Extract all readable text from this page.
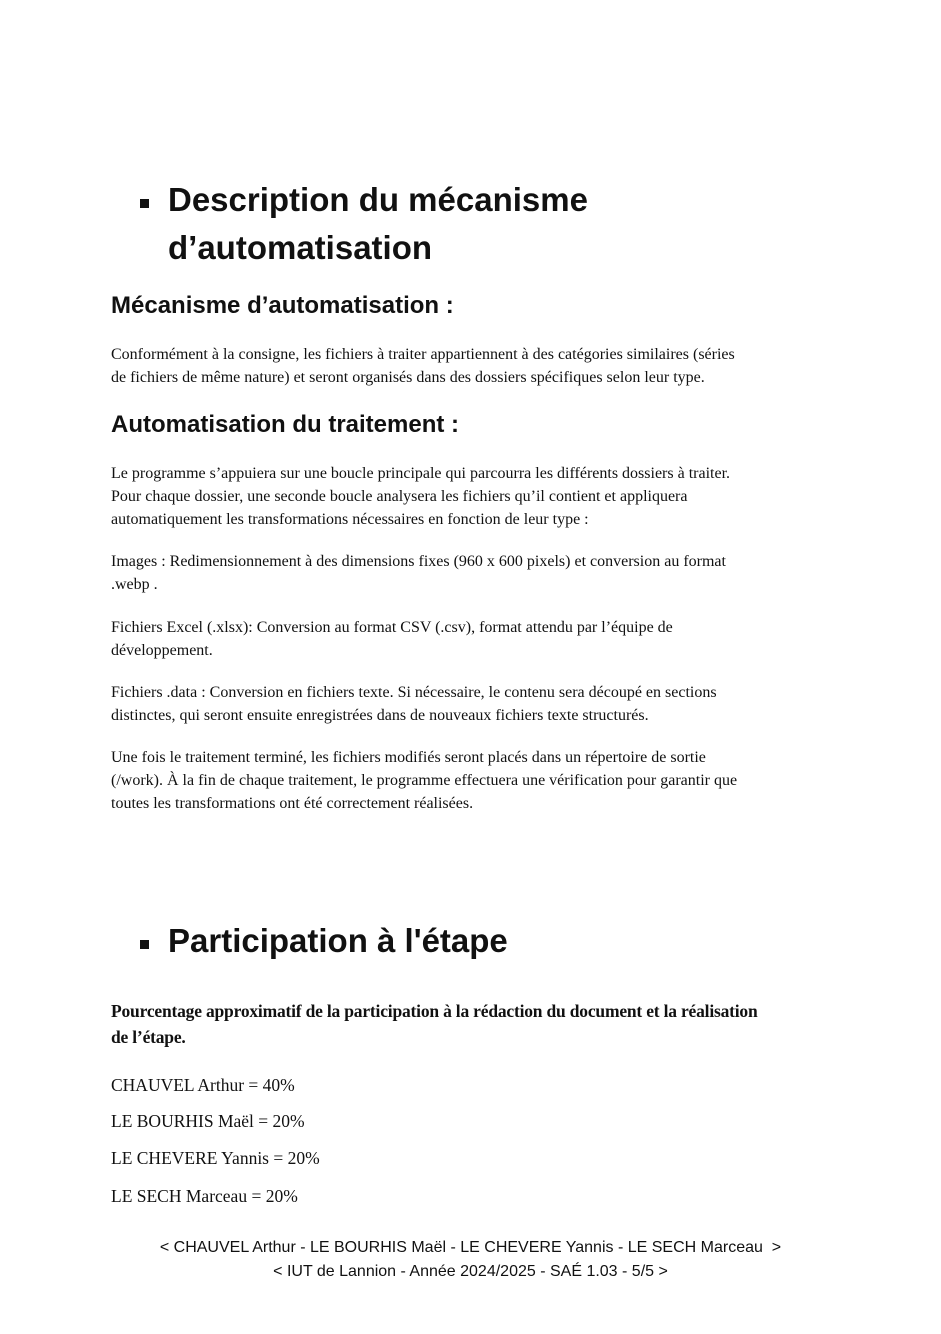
Description du mécanisme
d’automatisation
Mécanisme d’automatisation :
Conformément à la consigne, les fichiers à traiter appartiennent à des catégories similaires (séries
de fichiers de même nature) et seront organisés dans des dossiers spécifiques selon leur type.
Automatisation du traitement :
Le programme s’appuiera sur une boucle principale qui parcourra les différents dossiers à traiter.
Pour chaque dossier, une seconde boucle analysera les fichiers qu’il contient et appliquera
automatiquement les transformations nécessaires en fonction de leur type :
Images : Redimensionnement à des dimensions fixes (960 x 600 pixels) et conversion au format
.webp .
Fichiers Excel (.xlsx): Conversion au format CSV (.csv), format attendu par l’équipe de
développement.
Fichiers .data : Conversion en fichiers texte. Si nécessaire, le contenu sera découpé en sections
distinctes, qui seront ensuite enregistrées dans de nouveaux fichiers texte structurés.
Une fois le traitement terminé, les fichiers modifiés seront placés dans un répertoire de sortie
(/work). À la fin de chaque traitement, le programme effectuera une vérification pour garantir que
toutes les transformations ont été correctement réalisées.
Participation à l'étape
Pourcentage approximatif de la participation à la rédaction du document et la réalisation
de l’étape.
CHAUVEL Arthur = 40%
LE BOURHIS Maël = 20%
LE CHEVERE Yannis = 20%
LE SECH Marceau = 20%
< CHAUVEL Arthur - LE BOURHIS Maël - LE CHEVERE Yannis - LE SECH Marceau  >
< IUT de Lannion - Année 2024/2025 - SAÉ 1.03 - 5/5 >
